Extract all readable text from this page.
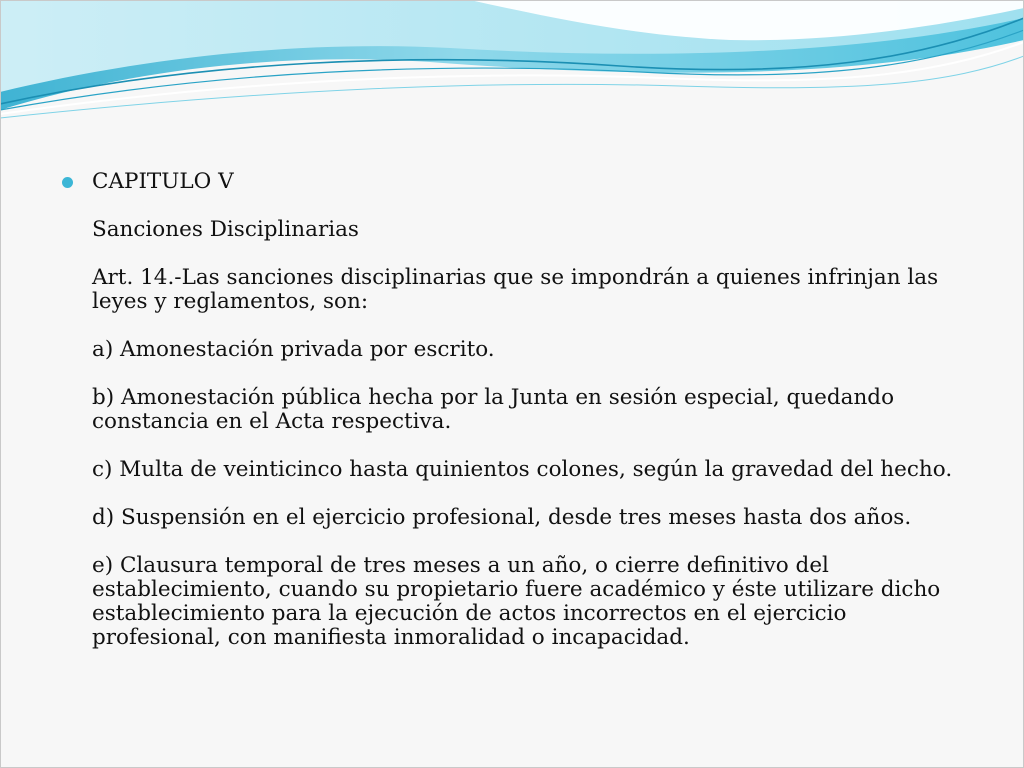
CAPITULO V
Sanciones Disciplinarias
Art. 14.-Las sanciones disciplinarias que se impondrán a quienes infrinjan las
leyes y reglamentos, son:
a) Amonestación privada por escrito.
b) Amonestación pública hecha por la Junta en sesión especial, quedando
constancia en el Acta respectiva.
c) Multa de veinticinco hasta quinientos colones, según la gravedad del hecho.
d) Suspensión en el ejercicio profesional, desde tres meses hasta dos años.
e) Clausura temporal de tres meses a un año, o cierre definitivo del
establecimiento, cuando su propietario fuere académico y éste utilizare dicho
establecimiento para la ejecución de actos incorrectos en el ejercicio
profesional, con manifiesta inmoralidad o incapacidad.
